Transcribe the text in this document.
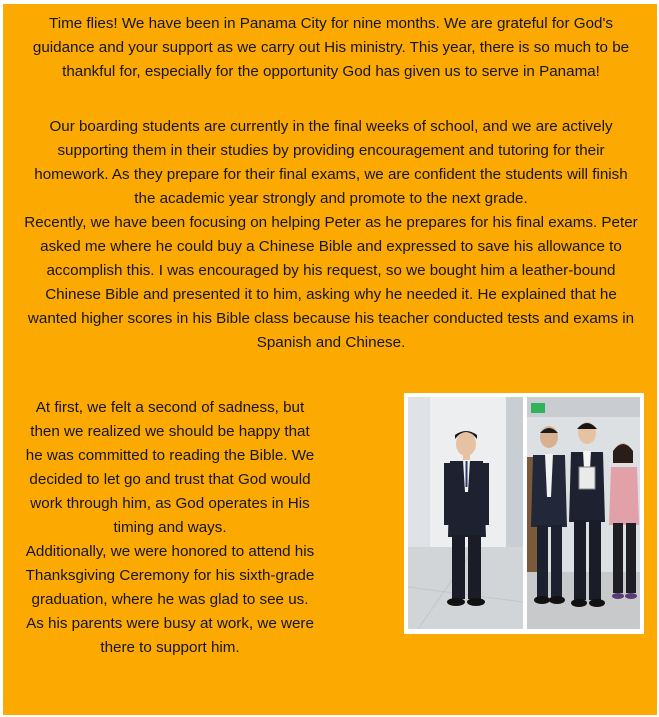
Time flies! We have been in Panama City for nine months. We are grateful for God's guidance and your support as we carry out His ministry. This year, there is so much to be thankful for, especially for the opportunity God has given us to serve in Panama!

Our boarding students are currently in the final weeks of school, and we are actively supporting them in their studies by providing encouragement and tutoring for their homework. As they prepare for their final exams, we are confident the students will finish the academic year strongly and promote to the next grade.

Recently, we have been focusing on helping Peter as he prepares for his final exams. Peter asked me where he could buy a Chinese Bible and expressed to save his allowance to accomplish this. I was encouraged by his request, so we bought him a leather-bound Chinese Bible and presented it to him, asking why he needed it. He explained that he wanted higher scores in his Bible class because his teacher conducted tests and exams in Spanish and Chinese.

At first, we felt a second of sadness, but then we realized we should be happy that he was committed to reading the Bible. We decided to let go and trust that God would work through him, as God operates in His timing and ways.

Additionally, we were honored to attend his Thanksgiving Ceremony for his sixth-grade graduation, where he was glad to see us. As his parents were busy at work, we were there to support him.
